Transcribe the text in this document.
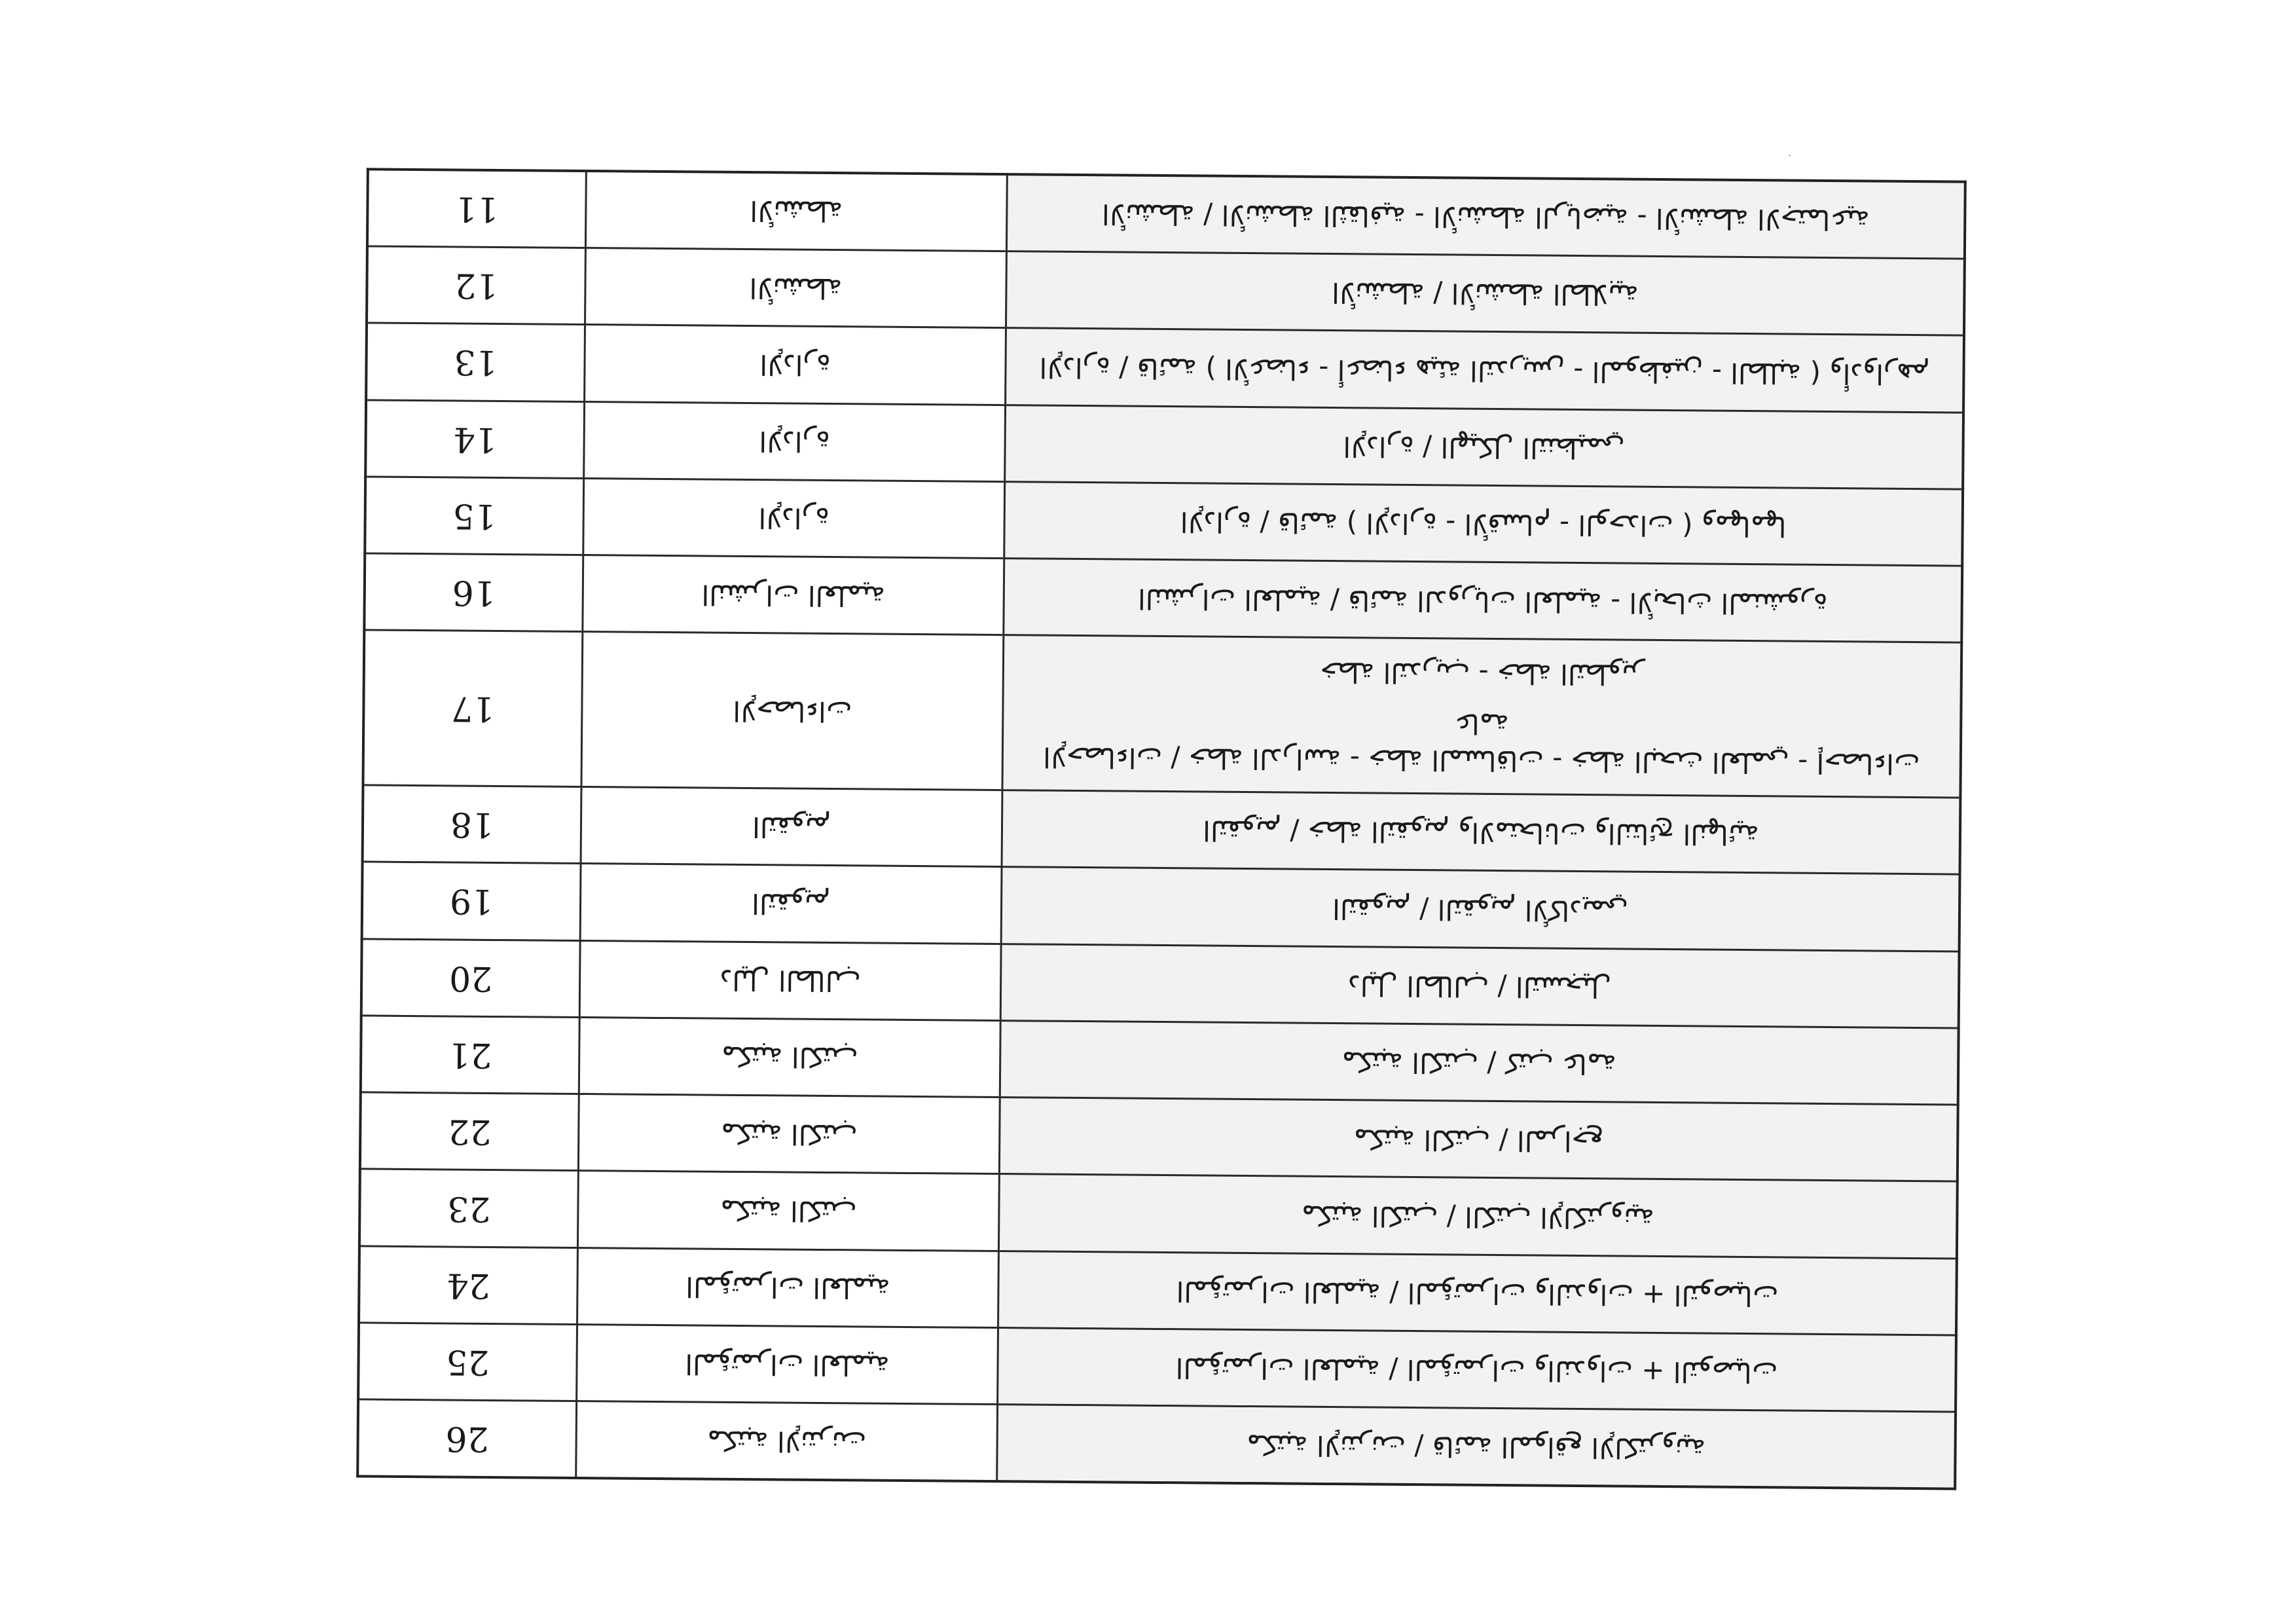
مكتبة الإنترنت / قائمة المواقع الإلكترونية	مكتبة الإنترنت	26

المؤتمرات العلمية / المؤتمرات والندوات + التوصيات	المؤتمرات العلمية	25

المؤتمرات العلمية / المؤتمرات والندوات + التوصيات	المؤتمرات العلمية	24

مكتبة الكتب / الكتب الإلكترونية	مكتبة الكتب	23

مكتبة الكتب / المراجع	مكتبة الكتب	22

مكتبة الكتب / كتب عامة	مكتبة الكتب	21

دليل الطالب / التسجيل	دليل الطالب	20

التقويم / التقويم الأكاديمي	التقويم	19

التقويم / خطة التقويم والامتحانات والنتائج النهائية	التقويم	18

الإحصاءات / خطة الدراسة - خطة المساقات - خطة البحث العلمي - إحصاءات عامة
خطة التدريب - خطة التطوير	الإحصاءات	17

النشرات العلمية / قائمة الدوريات العلمية - الأبحاث المنشورة	النشرات العلمية	16

الإدارة / قائمة ( الإدارة - الأقسام - الوحدات ) ومهامها	الإدارة	15

الإدارة / الهيكل التنظيمي	الإدارة	14

الإدارة / قائمة ( الأعضاء - أعضاء هيئة التدريس - الموظفين - الطلبة ) وأدوارهم	الإدارة	13

الأنشطة / الأنشطة الطلابية	الأنشطة	12

الأنشطة / الأنشطة الثقافية - الأنشطة الرياضية - الأنشطة الاجتماعية	الأنشطة	11
